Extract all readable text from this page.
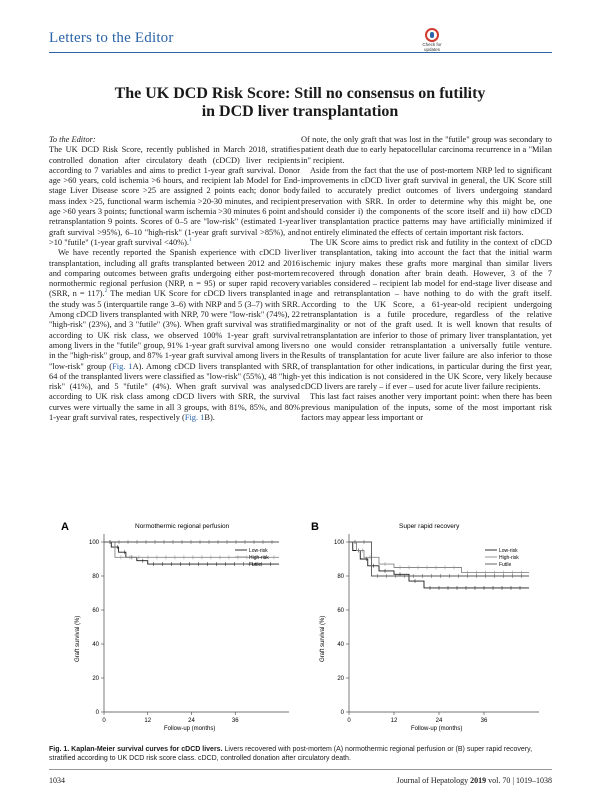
Letters to the Editor	Check for
updates
The UK DCD Risk Score: Still no consensus on futility
in DCD liver transplantation

To the Editor:

The UK DCD Risk Score, recently published in March 2018, stratifies controlled donation after circulatory death (cDCD) liver recipients according to 7 variables and aims to predict 1-year graft survival. Donor age >60 years, cold ischemia >6 hours, and recipient lab Model for End-stage Liver Disease score >25 are assigned 2 points each; donor body mass index >25, functional warm ischemia >20-30 minutes, and recipient age >60 years 3 points; functional warm ischemia >30 minutes 6 point and retransplantation 9 points. Scores of 0–5 are "low-risk" (estimated 1-year graft survival >95%), 6–10 "high-risk" (1-year graft survival >85%), and >10 "futile" (1-year graft survival <40%).$^1$

We have recently reported the Spanish experience with cDCD liver transplantation, including all grafts transplanted between 2012 and 2016 and comparing outcomes between grafts undergoing either post-mortem normothermic regional perfusion (NRP, n = 95) or super rapid recovery (SRR, n = 117).$^2$ The median UK Score for cDCD livers transplanted in the study was 5 (interquartile range 3–6) with NRP and 5 (3–7) with SRR. Among cDCD livers transplanted with NRP, 70 were "low-risk" (74%), 22 "high-risk" (23%), and 3 "futile" (3%). When graft survival was stratified according to UK risk class, we observed 100% 1-year graft survival among livers in the "futile" group, 91% 1-year graft survival among livers in the "high-risk" group, and 87% 1-year graft survival among livers in the "low-risk" group (Fig. 1A). Among cDCD livers transplanted with SRR, 64 of the transplanted livers were classified as "low-risk" (55%), 48 "high-risk" (41%), and 5 "futile" (4%). When graft survival was analysed according to UK risk class among cDCD livers with SRR, the survival curves were virtually the same in all 3 groups, with 81%, 85%, and 80% 1-year graft survival rates, respectively (Fig. 1B).

Of note, the only graft that was lost in the "futile" group was secondary to patient death due to early hepatocellular carcinoma recurrence in a "Milan in" recipient.

Aside from the fact that the use of post-mortem NRP led to significant improvements in cDCD liver graft survival in general, the UK Score still failed to accurately predict outcomes of livers undergoing standard preservation with SRR. In order to determine why this might be, one should consider i) the components of the score itself and ii) how cDCD liver transplantation practice patterns may have artificially minimized if not entirely eliminated the effects of certain important risk factors.

The UK Score aims to predict risk and futility in the context of cDCD liver transplantation, taking into account the fact that the initial warm ischemic injury makes these grafts more marginal than similar livers recovered through donation after brain death. However, 3 of the 7 variables considered – recipient lab model for end-stage liver disease and age and retransplantation – have nothing to do with the graft itself. According to the UK Score, a 61-year-old recipient undergoing retransplantation is a futile procedure, regardless of the relative marginality or not of the graft used. It is well known that results of retransplantation are inferior to those of primary liver transplantation, yet no one would consider retransplantation a universally futile venture. Results of transplantation for acute liver failure are also inferior to those of transplantation for other indications, in particular during the first year, yet this indication is not considered in the UK Score, very likely because cDCD livers are rarely – if ever – used for acute liver failure recipients.

This last fact raises another very important point: when there has been previous manipulation of the inputs, some of the most important risk factors may appear less important or

A	Normothermic regional perfusion
Graft survival (%)
Follow-up (months)
100
80
60
40
20
0
0	12	24	36
Low-risk
High-risk
Futile
B	Super rapid recovery
Graft survival (%)
Follow-up (months)
100
80
60
40
20
0
0	12	24	36
Low-risk
High-risk
Futile
Fig. 1. Kaplan-Meier survival curves for cDCD livers. Livers recovered with post-mortem (A) normothermic regional perfusion or (B) super rapid recovery, stratified according to UK DCD risk score class. cDCD, controlled donation after circulatory death.
1034	Journal of Hepatology 2019 vol. 70 | 1019–1038
